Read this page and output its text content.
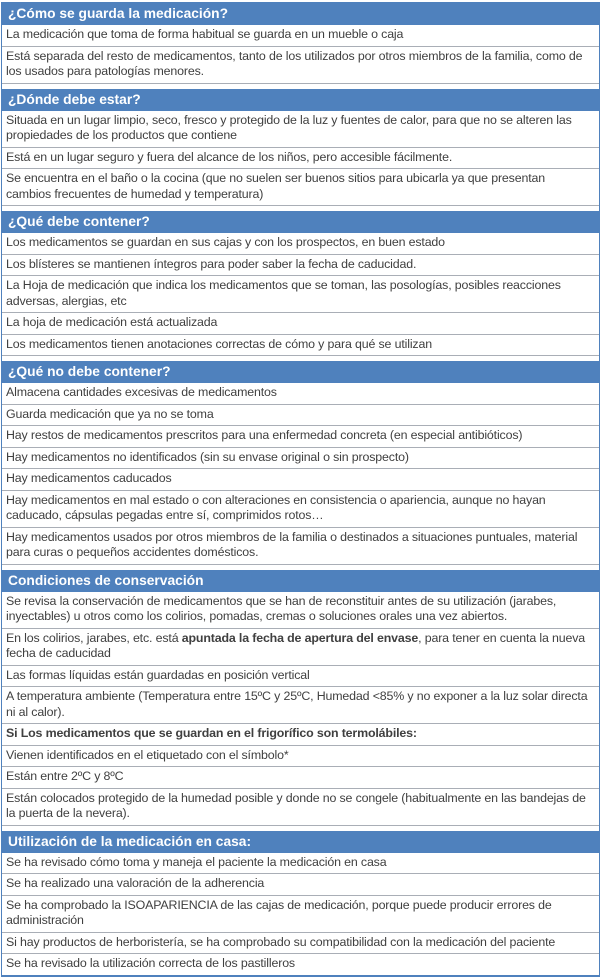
¿Cómo se guarda la medicación?
La medicación que toma de forma habitual se guarda en un mueble o caja
Está separada del resto de medicamentos, tanto de los utilizados por otros miembros de la familia, como de los usados para patologías menores.
¿Dónde debe estar?
Situada en un lugar limpio, seco, fresco y protegido de la luz y fuentes de calor, para que no se alteren las propiedades de los productos que contiene
Está en un lugar seguro y fuera del alcance de los niños, pero accesible fácilmente.
Se encuentra en el baño o la cocina (que no suelen ser buenos sitios para ubicarla ya que presentan cambios frecuentes de humedad y temperatura)
¿Qué debe contener?
Los medicamentos se guardan en sus cajas y con los prospectos, en buen estado
Los blísteres se mantienen íntegros para poder saber la fecha de caducidad.
La Hoja de medicación que indica los medicamentos que se toman, las posologías, posibles reacciones adversas, alergias, etc
La hoja de medicación está actualizada
Los medicamentos tienen anotaciones correctas de cómo y para qué se utilizan
¿Qué no debe contener?
Almacena cantidades excesivas de medicamentos
Guarda medicación que ya no se toma
Hay restos de medicamentos prescritos para una enfermedad concreta (en especial antibióticos)
Hay medicamentos no identificados (sin su envase original o sin prospecto)
Hay medicamentos caducados
Hay medicamentos en mal estado o con alteraciones en consistencia o apariencia, aunque no hayan caducado, cápsulas pegadas entre sí, comprimidos rotos…
Hay medicamentos usados por otros miembros de la familia o destinados a situaciones puntuales, material para curas o pequeños accidentes domésticos.
Condiciones de conservación
Se revisa la conservación de medicamentos que se han de reconstituir antes de su utilización (jarabes, inyectables) u otros como los colirios, pomadas, cremas o soluciones orales una vez abiertos.
En los colirios, jarabes, etc. está apuntada la fecha de apertura del envase, para tener en cuenta la nueva fecha de caducidad
Las formas líquidas están guardadas en posición vertical
A temperatura ambiente (Temperatura entre 15ºC y 25ºC, Humedad <85% y no exponer a la luz solar directa ni al calor).
Si Los medicamentos que se guardan en el frigorífico son termolábiles:
Vienen identificados en el etiquetado con el símbolo*
Están entre 2ºC y 8ºC
Están colocados protegido de la humedad posible y donde no se congele (habitualmente en las bandejas de la puerta de la nevera).
Utilización de la medicación en casa:
Se ha revisado cómo toma y maneja el paciente la medicación en casa
Se ha realizado una valoración de la adherencia
Se ha comprobado la ISOAPARIENCIA de las cajas de medicación, porque puede producir errores de administración
Si hay productos de herboristería, se ha comprobado su compatibilidad con la medicación del paciente
Se ha revisado la utilización correcta de los pastilleros
